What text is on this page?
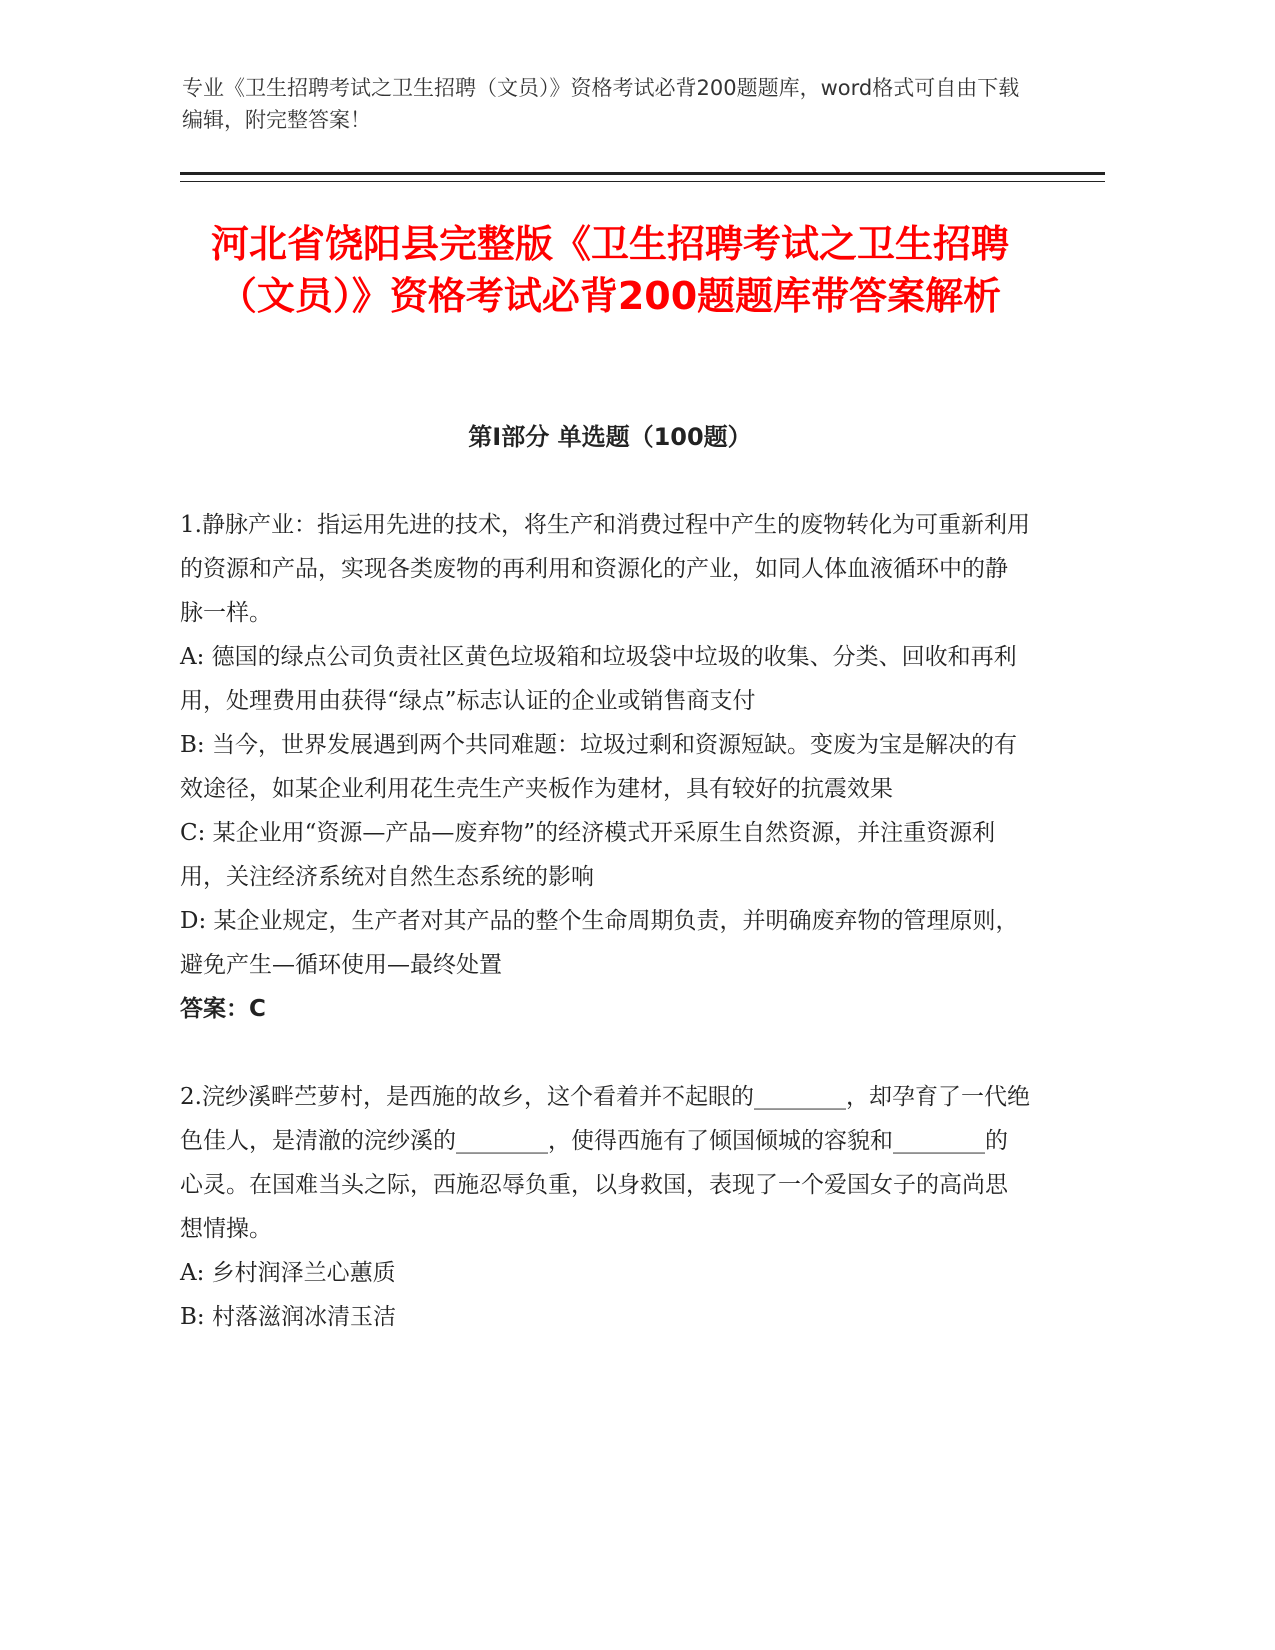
专业《卫生招聘考试之卫生招聘（文员）》资格考试必背200题题库，word格式可自由下载编辑，附完整答案！
河北省饶阳县完整版《卫生招聘考试之卫生招聘（文员）》资格考试必背200题题库带答案解析
第I部分 单选题（100题）

1.静脉产业：指运用先进的技术，将生产和消费过程中产生的废物转化为可重新利用的资源和产品，实现各类废物的再利用和资源化的产业，如同人体血液循环中的静脉一样。

A: 德国的绿点公司负责社区黄色垃圾箱和垃圾袋中垃圾的收集、分类、回收和再利用，处理费用由获得“绿点”标志认证的企业或销售商支付

B: 当今，世界发展遇到两个共同难题：垃圾过剩和资源短缺。变废为宝是解决的有效途径，如某企业利用花生壳生产夹板作为建材，具有较好的抗震效果

C: 某企业用“资源—产品—废弃物”的经济模式开采原生自然资源，并注重资源利用，关注经济系统对自然生态系统的影响

D: 某企业规定，生产者对其产品的整个生命周期负责，并明确废弃物的管理原则，避免产生—循环使用—最终处置

答案：C

2.浣纱溪畔苎萝村，是西施的故乡，这个看着并不起眼的________，却孕育了一代绝色佳人，是清澈的浣纱溪的________，使得西施有了倾国倾城的容貌和________的心灵。在国难当头之际，西施忍辱负重，以身救国，表现了一个爱国女子的高尚思想情操。

A: 乡村润泽兰心蕙质

B: 村落滋润冰清玉洁
